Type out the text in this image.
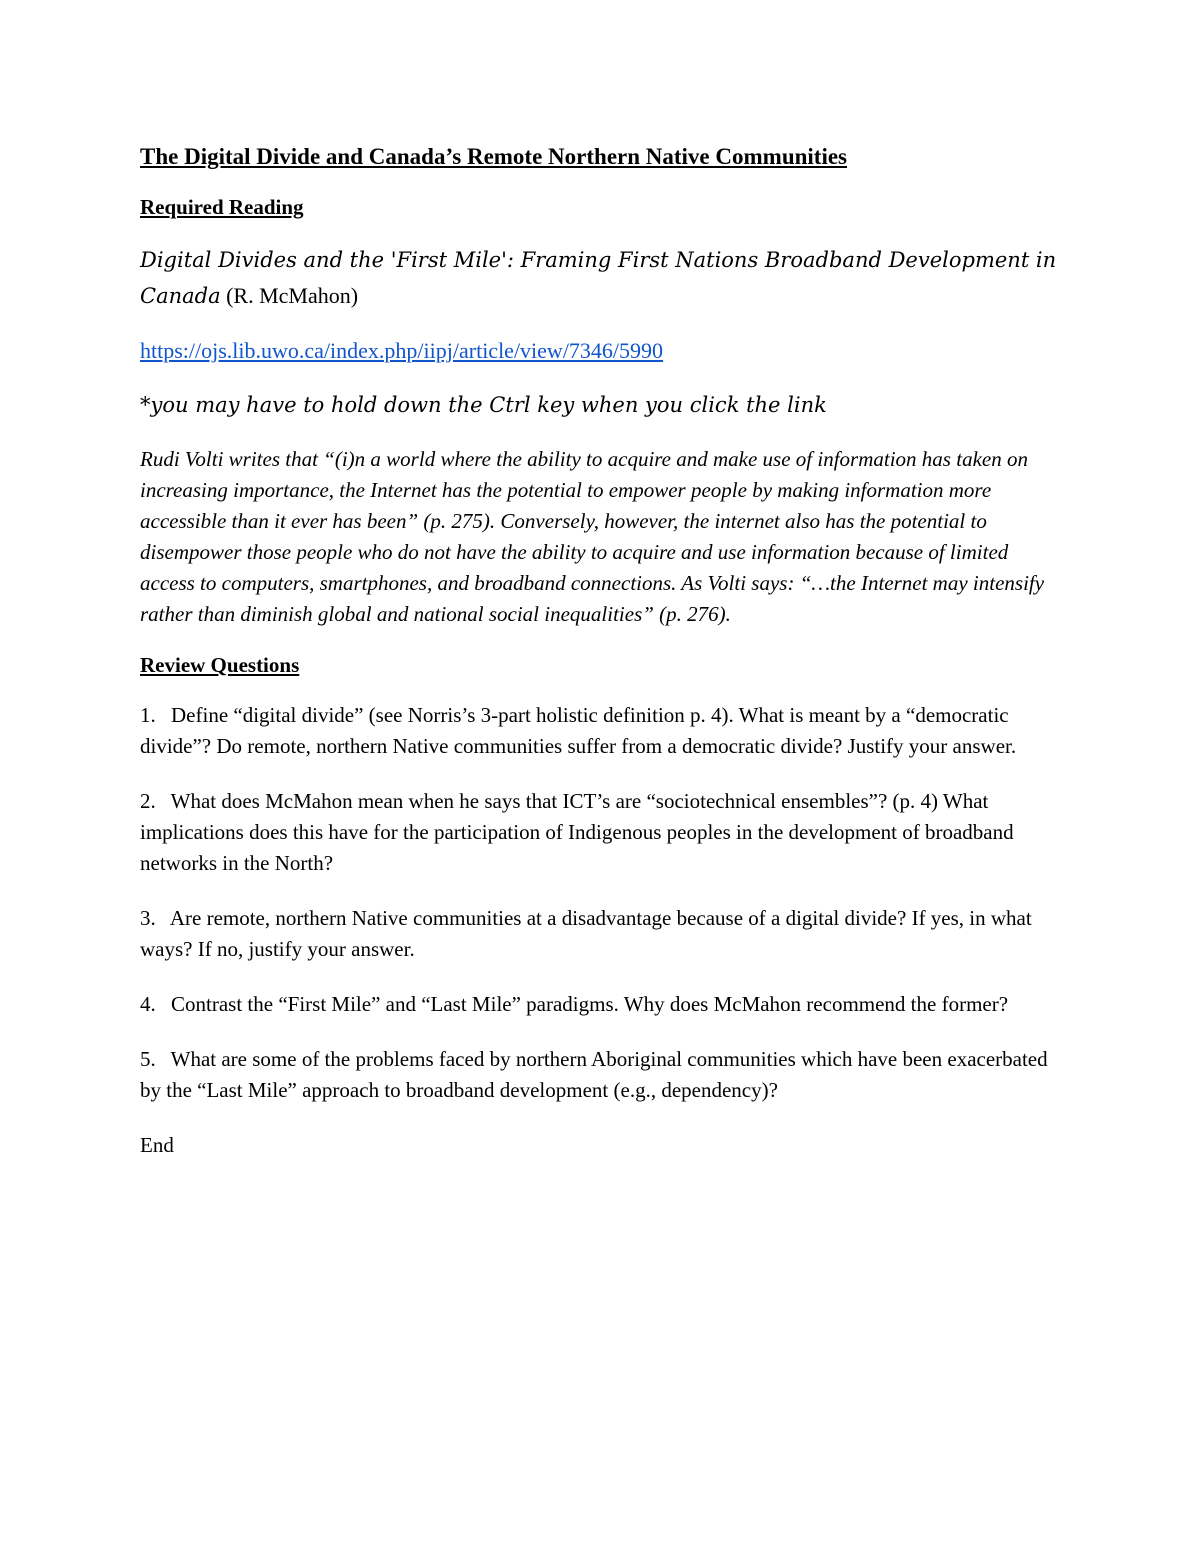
The Digital Divide and Canada’s Remote Northern Native Communities
Required Reading
Digital Divides and the 'First Mile': Framing First Nations Broadband Development in Canada (R. McMahon)
https://ojs.lib.uwo.ca/index.php/iipj/article/view/7346/5990
*you may have to hold down the Ctrl key when you click the link
Rudi Volti writes that “(i)n a world where the ability to acquire and make use of information has taken on increasing importance, the Internet has the potential to empower people by making information more accessible than it ever has been” (p. 275). Conversely, however, the internet also has the potential to disempower those people who do not have the ability to acquire and use information because of limited access to computers, smartphones, and broadband connections. As Volti says: “…the Internet may intensify rather than diminish global and national social inequalities” (p. 276).
Review Questions
1. Define “digital divide” (see Norris’s 3-part holistic definition p. 4). What is meant by a “democratic divide”? Do remote, northern Native communities suffer from a democratic divide? Justify your answer.
2. What does McMahon mean when he says that ICT’s are “sociotechnical ensembles”? (p. 4) What implications does this have for the participation of Indigenous peoples in the development of broadband networks in the North?
3. Are remote, northern Native communities at a disadvantage because of a digital divide? If yes, in what ways? If no, justify your answer.
4. Contrast the “First Mile” and “Last Mile” paradigms. Why does McMahon recommend the former?
5. What are some of the problems faced by northern Aboriginal communities which have been exacerbated by the “Last Mile” approach to broadband development (e.g., dependency)?
End
